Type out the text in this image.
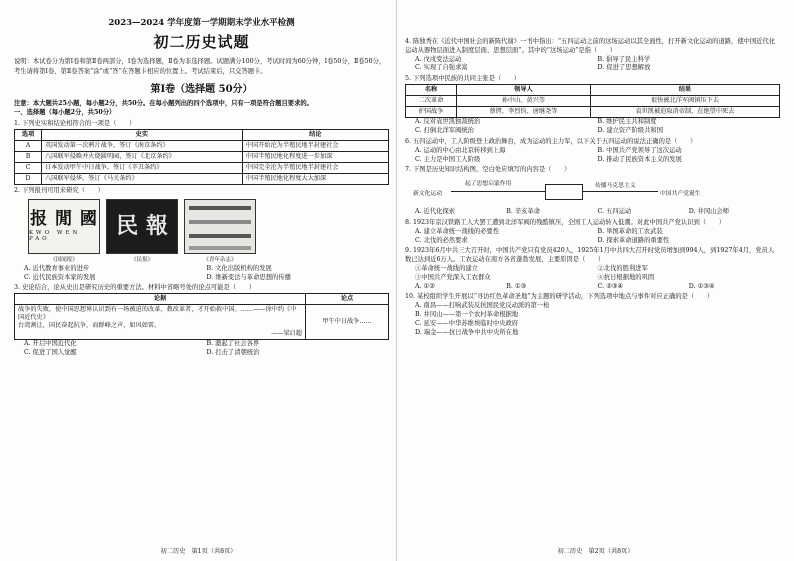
2023—2024 学年度第一学期期末学业水平检测

初二历史试题

说明：本试卷分为第Ⅰ卷和第Ⅱ卷两部分，Ⅰ卷为选择题，Ⅱ卷为非选择题。试题满分100分，考试时间为60分钟，Ⅰ卷50分，Ⅱ卷50分，考生请将第Ⅰ卷、第Ⅱ卷答案“涂”或“答”在答题卡相应的位置上。考试结束后，只交答题卡。

第Ⅰ卷（选择题 50分）

注意：本大题共25小题，每小题2分，共50分。在每小题列出的四个选项中，只有一项是符合题目要求的。

一、选择题（每小题2分，共50分）

1. 下列史实和结论相符合的一项是（　　）

选项	史实	结论
A	英国发动第一次鸦片战争，签订《南京条约》	中国开始沦为半殖民地半封建社会
B	八国联军侵略并火烧圆明园，签订《北京条约》	中国半殖民地化程度进一步加深
C	日本发动甲午中日战争，签订《辛丑条约》	中国完全沦为半殖民地半封建社会
D	八国联军侵华，签订《马关条约》	中国半殖民地化程度大大加深

2. 下列报刊可用来研究（　　）

报 閒 國
KWO WEN PAO
《国闻报》
民 報
《民报》	《青年杂志》
A. 近代教育事业的进步	B. 文化出版机构的发展
C. 近代民族资本家的发展	D. 维新变法与革命思想的传播

3. 史论结合，论从史出是研究历史的重要方法。材料中省略号处的论点可能是（　　）

论据	论点

战争的失败，使中国思想界认识到有一场被迫的改革，教改革者，才开始救中国。……——徐中约《中国近代史》
台湾割让，国民奋起抗争，而群峰之声，如风如雷。
——梁启超	甲午中日战争……
A. 开启中国近代化	B. 激起了社会各界
C. 促进了国人觉醒	D. 打击了清朝统治
初二历史　第1页（共8页）

4. 陈独秀在《近代中国社会的新陈代谢》一书中指出：“五四运动之前的这场运动以其全面性，打开新文化运动的道路，使中国近代化运动从器物层面进入制度层面、思想层面”。其中的“这场运动”是指（　　）

A. 戊戌变法运动	B. 倡导了民主科学
C. 实现了自强求富	D. 促进了思想解放

5. 下列选项中民族的共同主张是（　　）

名称	领导人	结果
二次革命	孙中山、黄兴等	很快被北洋军阀镇压下去
护国战争	蔡锷、李烈钧、唐继尧等	袁世凯被迫取消帝制，在绝望中死去
A. 反对袁世凯独裁统治	B. 维护民主共和制度
C. 打倒北洋军阀统治	D. 建立资产阶级共和国

6. 五四运动中，工人阶级登上政治舞台，成为运动的主力军，以下关于五四运动的说法正确的是（　　）

A. 运动的中心由北京转移到上海	B. 中国共产党领导了这次运动
C. 主力是中国工人阶级	D. 推动了民族资本主义的发展

7. 下图是历史知识结构图，空白处应填写的内容是（　　）

新文化运动
起了思想启蒙作用	传播马克思主义
中国共产党诞生
A. 近代化探索	B. 辛亥革命	C. 五四运动	D. 井冈山会师

8. 1923年京汉铁路工人大罢工遭到北洋军阀的残酷镇压，全国工人运动转入低潮。对此中国共产党认识到（　　）

A. 建立革命统一战线的必要性	B. 举国革命的工农武装
C. 北伐的必然要求	D. 探索革命道路的重要性

9. 1923年6月中共三大召开时，中国共产党只有党员420人，1925年1月中共四大召开时党员增加到994人，到1927年4月，党员人数已达到近6万人。工农运动在南方各省蓬勃发展，主要原因是（　　）

①革命统一战线的建立	②北伐的胜利进军
③中国共产党深入工农群众	④抗日根据地的巩固
A. ①②	B. ①③	C. ②③④	D. ①③④

10. 某校组织学生开展以“寻访红色革命圣地”为主题的研学活动，下列选项中地点与事件对应正确的是（　　）

A. 南昌——打响武装反抗国民党反动派的第一枪
B. 井冈山——第一个农村革命根据地
C. 延安——中华苏维埃临时中央政府
D. 瑞金——抗日战争中共中央所在地
初二历史　第2页（共8页）
